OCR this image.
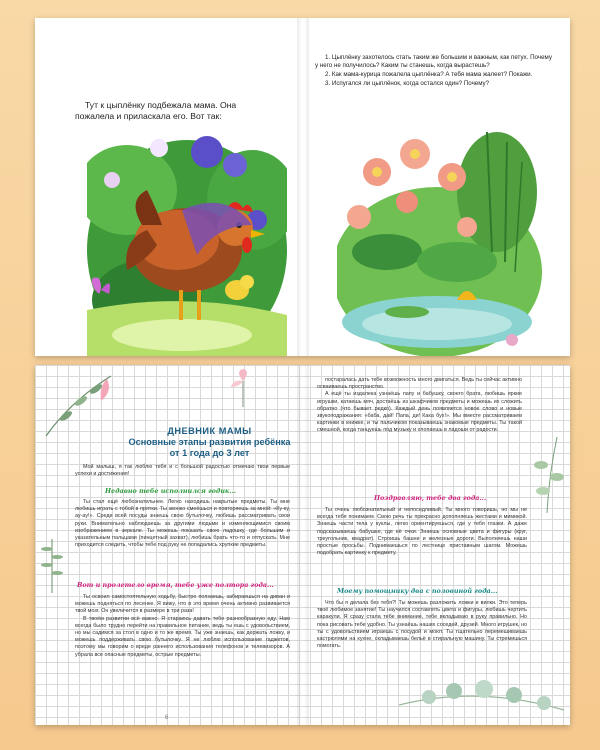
Тут к цыплёнку подбежала мама. Она пожалела и приласкала его. Вот так:

1. Цыплёнку захотелось стать таким же большим и важным, как петух. Почему у него не получилось? Каким ты станешь, когда вырастешь?

2. Как мама-курица пожалела цыплёнка? А тебя мама жалеет? Покажи.

3. Испугался ли цыплёнок, когда остался один? Почему?

ДНЕВНИК МАМЫ
Основные этапы развития ребёнка
от 1 года до 3 лет

Мой малыш, я так люблю тебя и с большой радостью отмечаю твои первые успехи и достижения!

Недавно тебе исполнился годик...

Ты стал ещё любознательнее. Легко находишь накрытые предметы. Ты мне любишь играть с тобой в прятки. Ты звонко смеёшься и повторяешь за мной: «Ку-ку, ау-ау!». Среди всей посуды знаешь свою бутылочку, любишь рассматривать свои руки. Внимательно наблюдаешь за другими людьми и изменяющимися своим изображением в зеркале. Ты можешь показать свою ладошку, где большим и указательным пальцами (пинцетный захват), любишь брать что-то и отпускать. Мне приходится следить, чтобы тебе под руку не попадались хрупкие предметы.

Вот и пролетело время, тебе уже полтора года...

Ты освоил самостоятельную ходьбу, быстро ползаешь, забираешься на диван и можешь подняться по лесенке. Я вижу, что в это время очень активно развивается твой мозг. Он увеличится в размере в три раза!

В твоём развитии всё важно. Я стараюсь давать тебе разнообразную еду. Нам всегда было трудно перейти на правильное питание, ведь ты ешь с удовольствием, но мы садимся за стол в одно и то же время. Ты уже знаешь, как держать ложку, и можешь поддерживать свою бутылочку. Я не люблю использование гаджетов, поэтому мы говорим о вреде раннего использования телефонов и телевизоров. А убрала все опасные предметы, острые предметы.

6

постаралась дать тебе возможность много двигаться. Ведь ты сейчас активно осваиваешь пространство.

А ещё ты издалека узнаёшь папу и бабушку, своего брата, любишь яркие игрушки, катаешь мяч, достаёшь из шкафчиков предметы и можешь их сложить обратно (что бывает редко). Каждый день появляется новое слово и новые звукоподражания: «баба, дай! Папа, ди! Кака бух!». Мы вместе рассматриваем картинки в книжке, и ты пальчиком показываешь знакомые предметы. Ты такой смешной, когда танцуешь под музыку и хлопаешь в ладоши от радости.

Поздравляю, тебе два года...

Ты очень любознательный и непоседливый. Ты много говоришь, но мы не всегда тебя понимаем. Свою речь ты прекрасно дополняешь жестами и мимикой. Знаешь части тела у куклы, легко ориентируешься, где у тебя глазки. А даже подсказываешь бабушке, где её очки. Знаешь основные цвета и фигуры (круг, треугольник, квадрат). Строишь башни и железные дороги. Выполняешь наши простые просьбы. Поднимаешься по лестнице приставным шагом. Можешь подобрать картинку к предмету.

Моему помощнику два с половиной года...

Что бы я делала без тебя?! Ты можешь разложить ложки и вилки. Это теперь твоё любимое занятие! Ты научился составлять цвета и фигуры, любишь чертить каракули. Я сразу стала тебе внимание, тебе вкладываю в руку правильно. Но пока рисовать тебе удобно. Ты узнаёшь наших соседей, друзей. Много игрушек, но ты с удовольствием играешь с посудой и моют. Ты тщательно перемешиваешь кастрюлями на кухне, складываешь бельё в стиральную машину. Ты стремишься помогать.
